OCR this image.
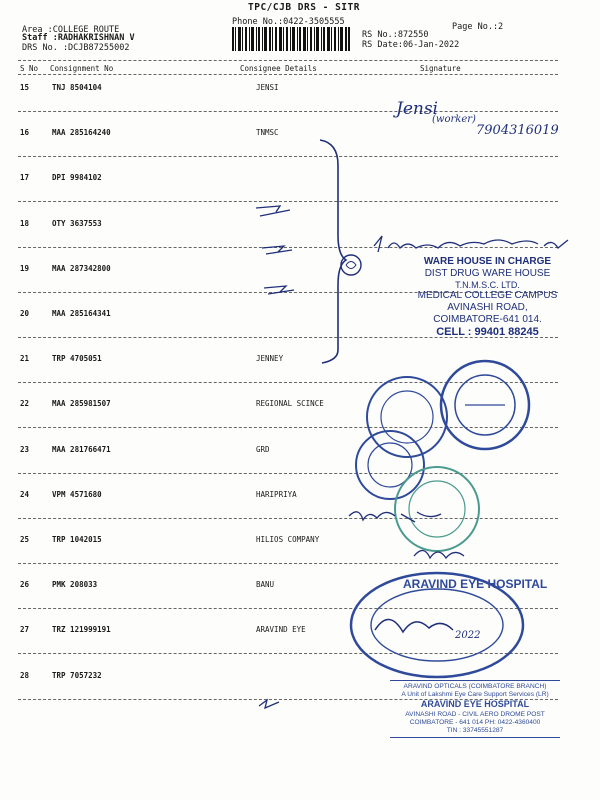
TPC/CJB DRS - SITR
Phone No.:0422-3505555	Page No.:2
Area :COLLEGE ROUTE
Staff :RADHAKRISHNAN V
DRS No. :DCJB87255002
RS No.:872550
RS Date:06-Jan-2022
S No Consignment No	Consignee Details	Signature
15	TNJ 8504104	JENSI
16	MAA 285164240	TNMSC
17	DPI 9984102
18	OTY 3637553
19	MAA 287342800
20	MAA 285164341
21	TRP 4705051	JENNEY
22	MAA 285981507	REGIONAL SCINCE
23	MAA 281766471	GRD
24	VPM 4571680	HARIPRIYA
25	TRP 1042015	HILIOS COMPANY
26	PMK 208033	BANU
27	TRZ 121999191	ARAVIND EYE
28	TRP 7057232
Jensi
(worker)
7904316019
WARE HOUSE IN CHARGE
DIST DRUG WARE HOUSE
T.N.M.S.C. LTD.
MEDICAL COLLEGE CAMPUS
AVINASHI ROAD,
COIMBATORE-641 014.
CELL : 99401 88245
ARAVIND EYE HOSPITAL
2022
ARAVIND OPTICALS (COIMBATORE BRANCH)
A Unit of Lakshmi Eye Care Support Services (LR)
ARAVIND EYE HOSPITAL
AVINASHI ROAD - CIVIL AERO DROME POST
COIMBATORE - 641 014 PH: 0422-4360400
TIN : 33745551287
